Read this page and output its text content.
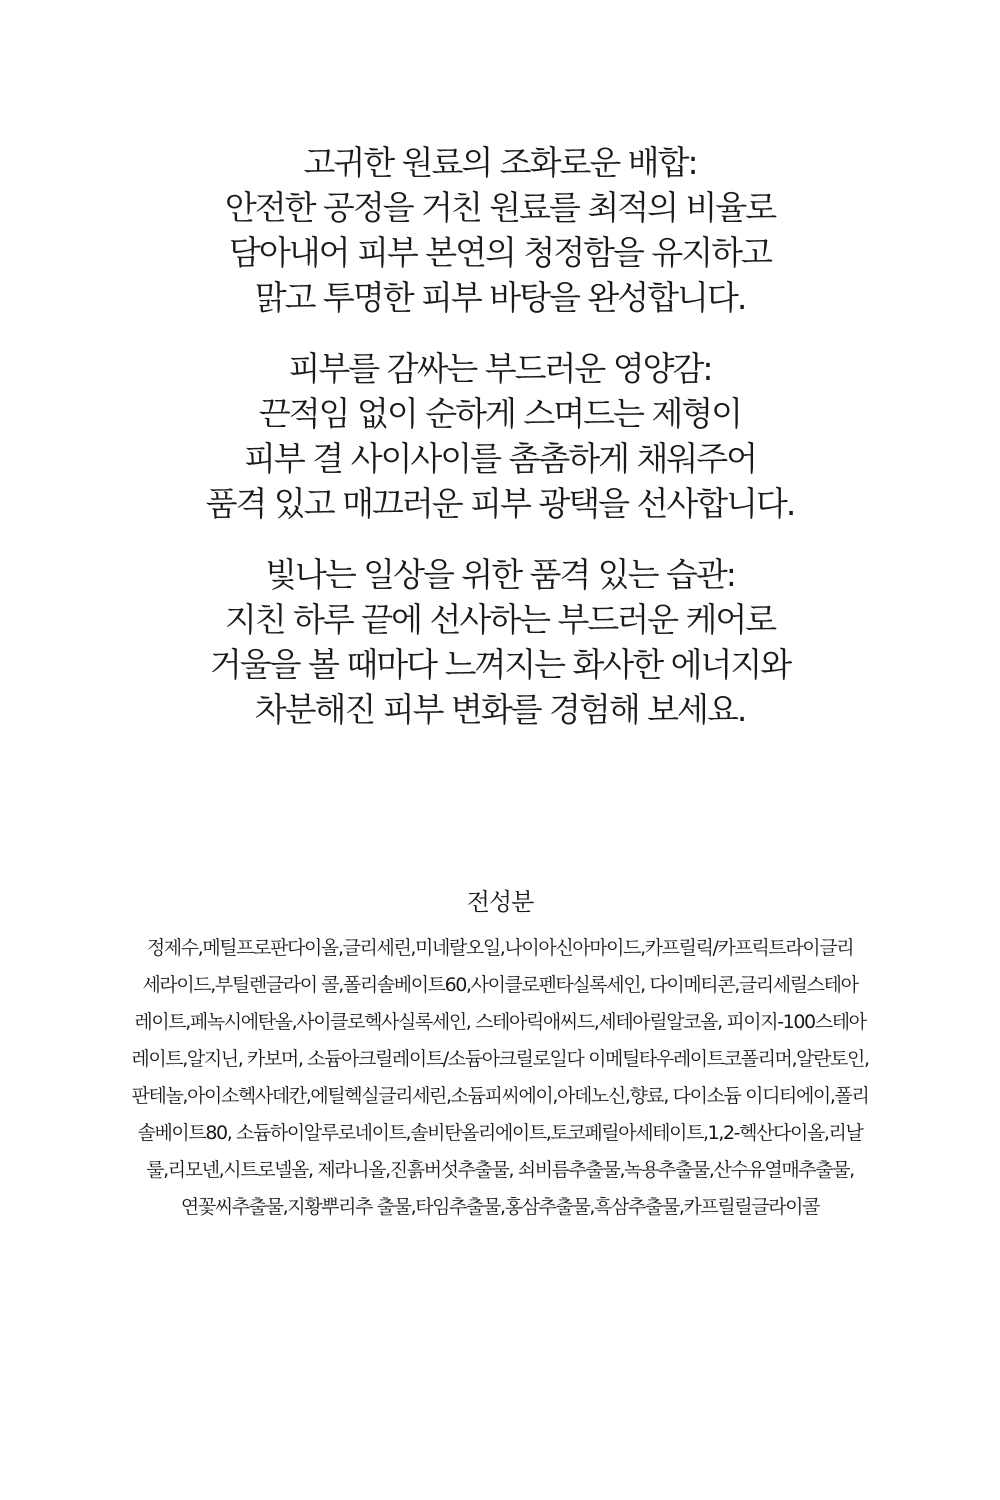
고귀한 원료의 조화로운 배합:
안전한 공정을 거친 원료를 최적의 비율로
담아내어 피부 본연의 청정함을 유지하고
맑고 투명한 피부 바탕을 완성합니다.
피부를 감싸는 부드러운 영양감:
끈적임 없이 순하게 스며드는 제형이
피부 결 사이사이를 촘촘하게 채워주어
품격 있고 매끄러운 피부 광택을 선사합니다.
빛나는 일상을 위한 품격 있는 습관:
지친 하루 끝에 선사하는 부드러운 케어로
거울을 볼 때마다 느껴지는 화사한 에너지와
차분해진 피부 변화를 경험해 보세요.
전성분
정제수,메틸프로판다이올,글리세린,미네랄오일,나이아신아마이드,카프릴릭/카프릭트라이글리
세라이드,부틸렌글라이 콜,폴리솔베이트60,사이클로펜타실록세인, 다이메티콘,글리세릴스테아
레이트,페녹시에탄올,사이클로헥사실록세인, 스테아릭애씨드,세테아릴알코올, 피이지-100스테아
레이트,알지닌, 카보머, 소듐아크릴레이트/소듐아크릴로일다 이메틸타우레이트코폴리머,알란토인,
판테놀,아이소헥사데칸,에틸헥실글리세린,소듐피씨에이,아데노신,향료, 다이소듐 이디티에이,폴리
솔베이트80, 소듐하이알루로네이트,솔비탄올리에이트,토코페릴아세테이트,1,2-헥산다이올,리날
룰,리모넨,시트로넬올, 제라니올,진흙버섯추출물, 쇠비름추출물,녹용추출물,산수유열매추출물,
연꽃씨추출물,지황뿌리추 출물,타임추출물,홍삼추출물,흑삼추출물,카프릴릴글라이콜
